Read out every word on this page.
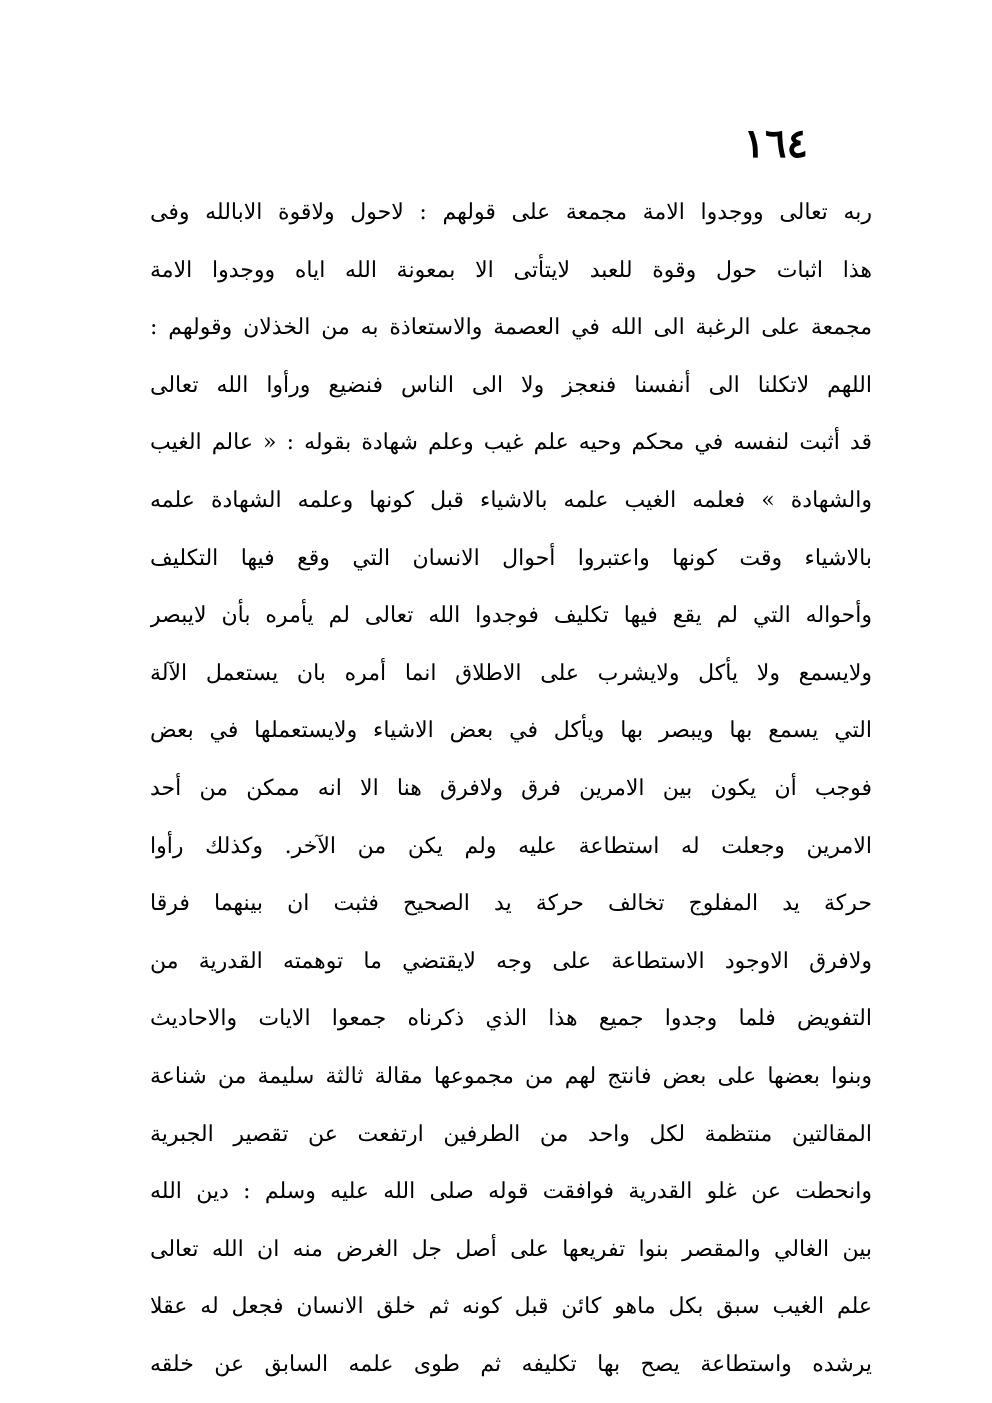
١٦٤
ربه تعالى ووجدوا الامة مجمعة على قولهم : لاحول ولاقوة الابالله وفى
هذا اثبات حول وقوة للعبد لايتأتى الا بمعونة الله اياه ووجدوا الامة
مجمعة على الرغبة الى الله في العصمة والاستعاذة به من الخذلان وقولهم :
اللهم لاتكلنا الى أنفسنا فنعجز ولا الى الناس فنضيع ورأوا الله تعالى
قد أثبت لنفسه في محكم وحيه علم غيب وعلم شهادة بقوله : « عالم الغيب
والشهادة » فعلمه الغيب علمه بالاشياء قبل كونها وعلمه الشهادة علمه
بالاشياء وقت كونها واعتبروا أحوال الانسان التي وقع فيها التكليف
وأحواله التي لم يقع فيها تكليف فوجدوا الله تعالى لم يأمره بأن لايبصر
ولايسمع ولا يأكل ولايشرب على الاطلاق انما أمره بان يستعمل الآلة
التي يسمع بها ويبصر بها ويأكل في بعض الاشياء ولايستعملها في بعض
فوجب أن يكون بين الامرين فرق ولافرق هنا الا انه ممكن من أحد
الامرين وجعلت له استطاعة عليه ولم يكن من الآخر. وكذلك رأوا
حركة يد المفلوج تخالف حركة يد الصحيح فثبت ان بينهما فرقا
ولافرق الاوجود الاستطاعة على وجه لايقتضي ما توهمته القدرية من
التفويض فلما وجدوا جميع هذا الذي ذكرناه جمعوا الايات والاحاديث
وبنوا بعضها على بعض فانتج لهم من مجموعها مقالة ثالثة سليمة من شناعة
المقالتين منتظمة لكل واحد من الطرفين ارتفعت عن تقصير الجبرية
وانحطت عن غلو القدرية فوافقت قوله صلى الله عليه وسلم : دين الله
بين الغالي والمقصر بنوا تفريعها على أصل جل الغرض منه ان الله تعالى
علم الغيب سبق بكل ماهو كائن قبل كونه ثم خلق الانسان فجعل له عقلا
يرشده واستطاعة يصح بها تكليفه ثم طوى علمه السابق عن خلقه
